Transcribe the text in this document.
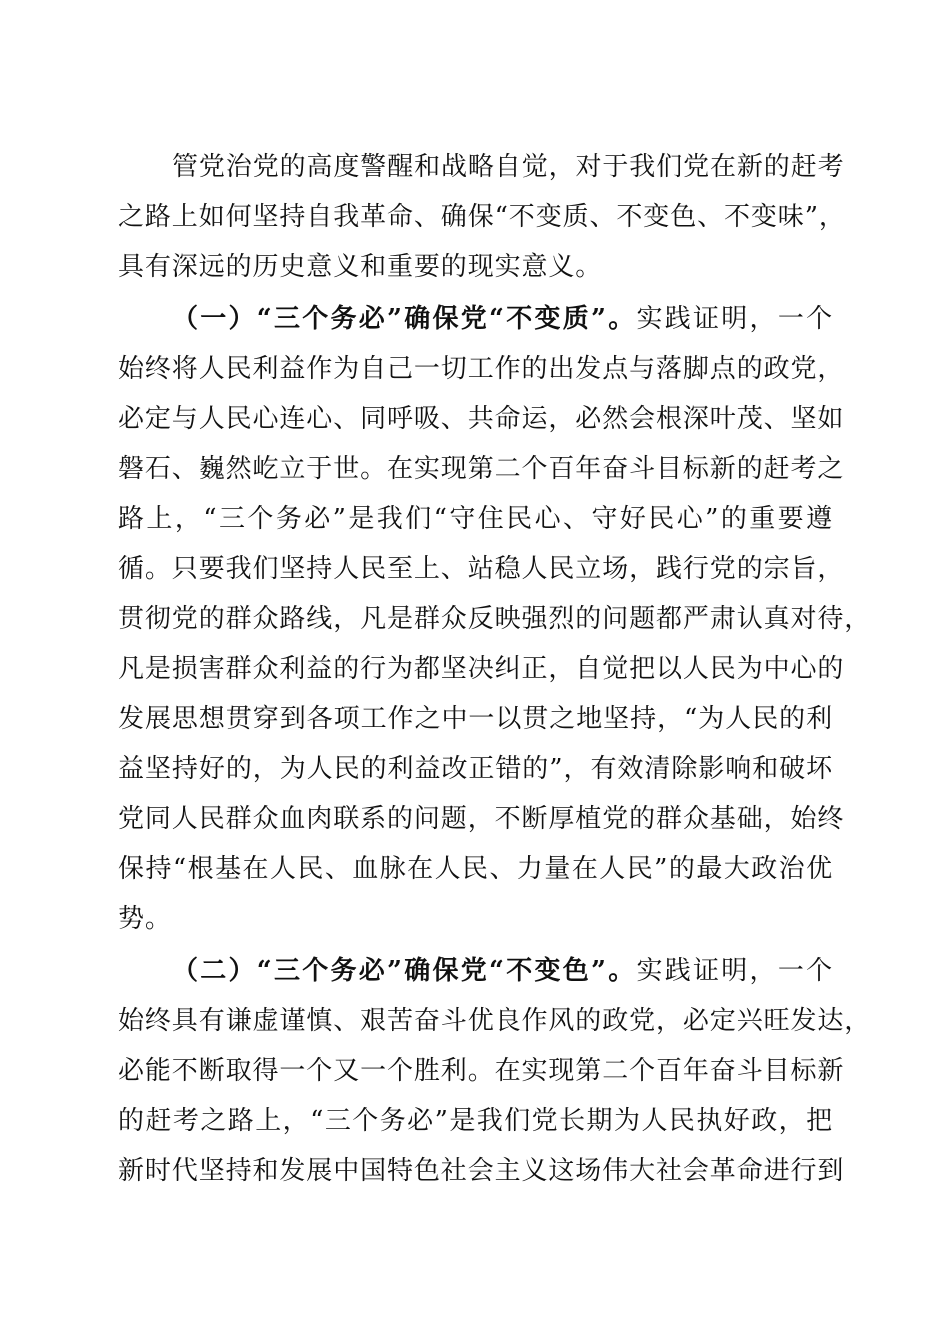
管党治党的高度警醒和战略自觉，对于我们党在新的赶考
之路上如何坚持自我革命、确保“不变质、不变色、不变味”，
具有深远的历史意义和重要的现实意义。
（一）“三个务必”确保党“不变质”。实践证明，一个
始终将人民利益作为自己一切工作的出发点与落脚点的政党，
必定与人民心连心、同呼吸、共命运，必然会根深叶茂、坚如
磐石、巍然屹立于世。在实现第二个百年奋斗目标新的赶考之
路上，“三个务必”是我们“守住民心、守好民心”的重要遵
循。只要我们坚持人民至上、站稳人民立场，践行党的宗旨，
贯彻党的群众路线，凡是群众反映强烈的问题都严肃认真对待，
凡是损害群众利益的行为都坚决纠正，自觉把以人民为中心的
发展思想贯穿到各项工作之中一以贯之地坚持，“为人民的利
益坚持好的，为人民的利益改正错的”，有效清除影响和破坏
党同人民群众血肉联系的问题，不断厚植党的群众基础，始终
保持“根基在人民、血脉在人民、力量在人民”的最大政治优
势。
（二）“三个务必”确保党“不变色”。实践证明，一个
始终具有谦虚谨慎、艰苦奋斗优良作风的政党，必定兴旺发达，
必能不断取得一个又一个胜利。在实现第二个百年奋斗目标新
的赶考之路上，“三个务必”是我们党长期为人民执好政，把
新时代坚持和发展中国特色社会主义这场伟大社会革命进行到
